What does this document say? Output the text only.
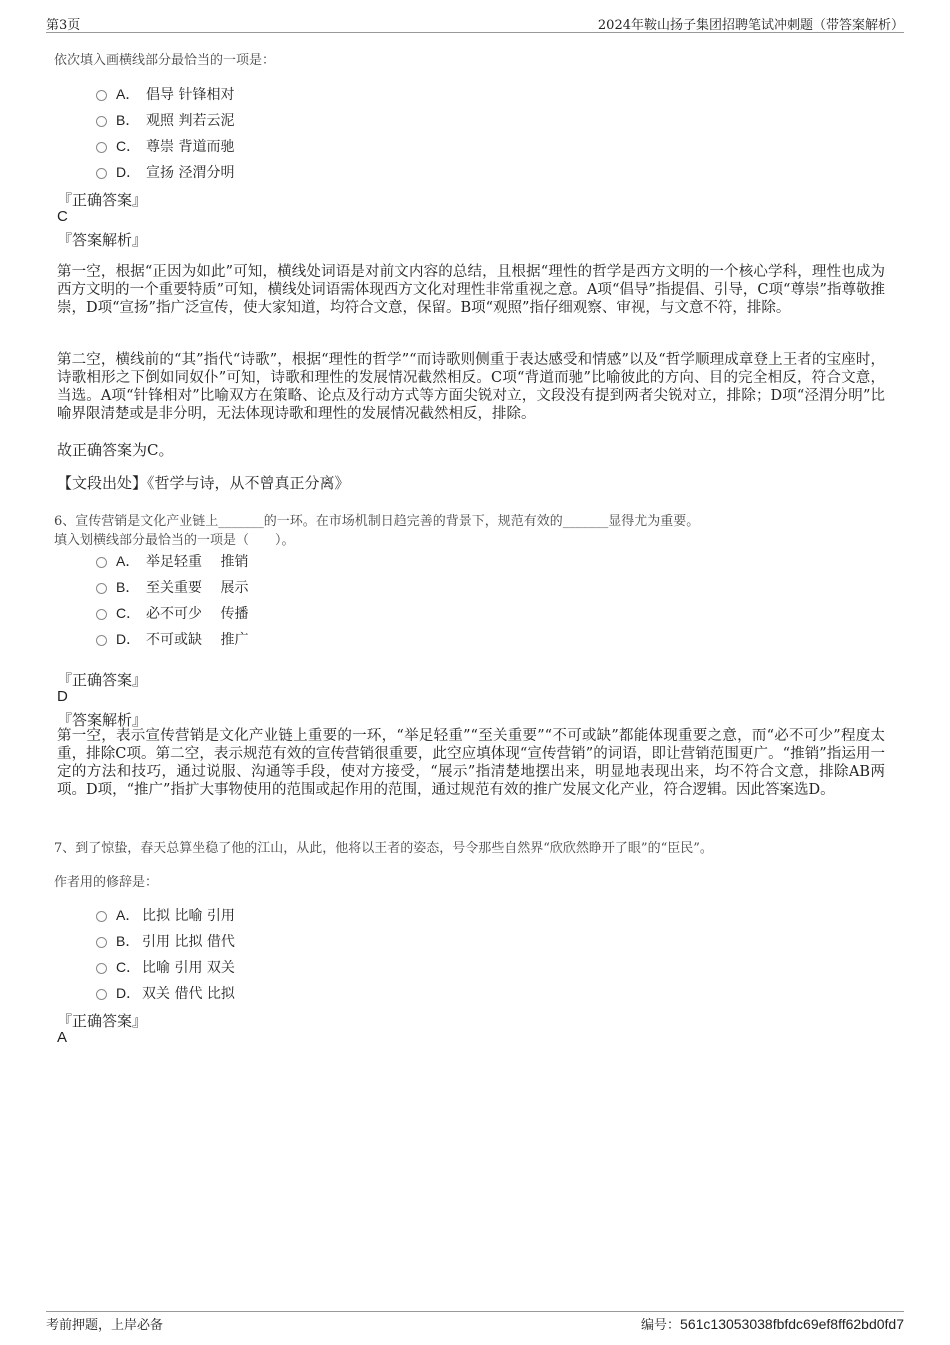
第3页	2024年鞍山扬子集团招聘笔试冲刺题（带答案解析）
依次填入画横线部分最恰当的一项是：
A． 倡导 针锋相对
B． 观照 判若云泥
C． 尊崇 背道而驰
D． 宣扬 泾渭分明
『正确答案』
C
『答案解析』
第一空，根据“正因为如此”可知，横线处词语是对前文内容的总结，且根据“理性的哲学是西方文明的一个核心学科，理性也成为西方文明的一个重要特质”可知，横线处词语需体现西方文化对理性非常重视之意。A项“倡导”指提倡、引导，C项“尊崇”指尊敬推崇，D项“宣扬”指广泛宣传，使大家知道，均符合文意，保留。B项“观照”指仔细观察、审视，与文意不符，排除。
第二空，横线前的“其”指代“诗歌”，根据“理性的哲学”“而诗歌则侧重于表达感受和情感”以及“哲学顺理成章登上王者的宝座时，诗歌相形之下倒如同奴仆”可知，诗歌和理性的发展情况截然相反。C项“背道而驰”比喻彼此的方向、目的完全相反，符合文意，当选。A项“针锋相对”比喻双方在策略、论点及行动方式等方面尖锐对立，文段没有提到两者尖锐对立，排除；D项“泾渭分明”比喻界限清楚或是非分明，无法体现诗歌和理性的发展情况截然相反，排除。
故正确答案为C。
【文段出处】《哲学与诗，从不曾真正分离》
6、宣传营销是文化产业链上_______的一环。在市场机制日趋完善的背景下，规范有效的_______显得尤为重要。
填入划横线部分最恰当的一项是（　　）。
A． 举足轻重　 推销
B． 至关重要　 展示
C． 必不可少　 传播
D． 不可或缺　 推广
『正确答案』
D
『答案解析』
第一空，表示宣传营销是文化产业链上重要的一环，“举足轻重”“至关重要”“不可或缺”都能体现重要之意，而“必不可少”程度太重，排除C项。第二空，表示规范有效的宣传营销很重要，此空应填体现“宣传营销”的词语，即让营销范围更广。“推销”指运用一定的方法和技巧，通过说服、沟通等手段，使对方接受，“展示”指清楚地摆出来，明显地表现出来，均不符合文意，排除AB两项。D项，“推广”指扩大事物使用的范围或起作用的范围，通过规范有效的推广发展文化产业，符合逻辑。因此答案选D。
7、到了惊蛰，春天总算坐稳了他的江山，从此，他将以王者的姿态，号令那些自然界“欣欣然睁开了眼”的“臣民”。
作者用的修辞是：
A． 比拟 比喻 引用
B． 引用 比拟 借代
C． 比喻 引用 双关
D． 双关 借代 比拟
『正确答案』
A
考前押题，上岸必备	编号：561c13053038fbfdc69ef8ff62bd0fd7
